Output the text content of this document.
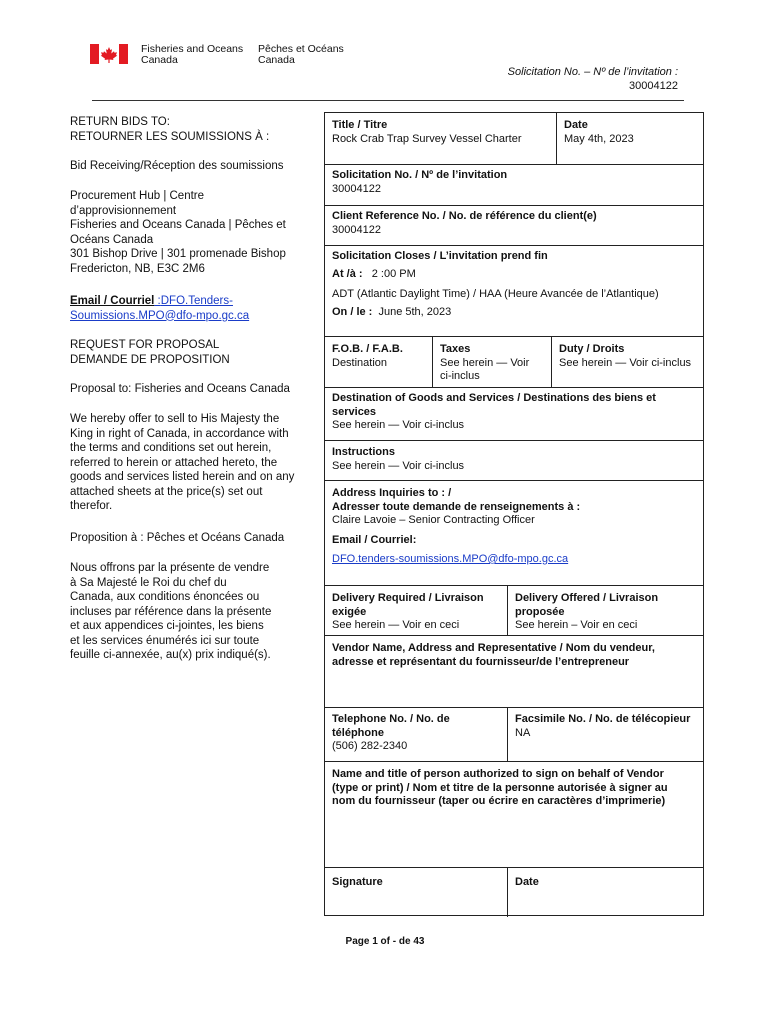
Fisheries and Oceans
Canada
Pêches et Océans
Canada
Solicitation No. – Nº de l’invitation :
30004122
RETURN BIDS TO:
RETOURNER LES SOUMISSIONS À :
Bid Receiving/Réception des soumissions
Procurement Hub | Centre
d’approvisionnement
Fisheries and Oceans Canada | Pêches et
Océans Canada
301 Bishop Drive | 301 promenade Bishop
Fredericton, NB, E3C 2M6
Email / Courriel :DFO.Tenders-
Soumissions.MPO@dfo-mpo.gc.ca
REQUEST FOR PROPOSAL
DEMANDE DE PROPOSITION
Proposal to: Fisheries and Oceans Canada
We hereby offer to sell to His Majesty the
King in right of Canada, in accordance with
the terms and conditions set out herein,
referred to herein or attached hereto, the
goods and services listed herein and on any
attached sheets at the price(s) set out
therefor.
Proposition à : Pêches et Océans Canada
Nous offrons par la présente de vendre
à Sa Majesté le Roi du chef du
Canada, aux conditions énoncées ou
incluses par référence dans la présente
et aux appendices ci-jointes, les biens
et les services énumérés ici sur toute
feuille ci-annexée, au(x) prix indiqué(s).
Title / Titre
Rock Crab Trap Survey Vessel Charter
Date
May 4th, 2023
Solicitation No. / Nº de l’invitation
30004122
Client Reference No. / No. de référence du client(e)
30004122
Solicitation Closes / L’invitation prend fin
At /à : 2 :00 PM
ADT (Atlantic Daylight Time) / HAA (Heure Avancée de l’Atlantique)
On / le : June 5th, 2023
F.O.B. / F.A.B.
Destination
Taxes
See herein — Voir
ci-inclus
Duty / Droits
See herein — Voir ci-inclus
Destination of Goods and Services / Destinations des biens et
services
See herein — Voir ci-inclus
Instructions
See herein — Voir ci-inclus
Address Inquiries to : /
Adresser toute demande de renseignements à :
Claire Lavoie – Senior Contracting Officer
Email / Courriel:
DFO.tenders-soumissions.MPO@dfo-mpo.gc.ca
Delivery Required / Livraison
exigée
See herein — Voir en ceci
Delivery Offered / Livraison
proposée
See herein – Voir en ceci
Vendor Name, Address and Representative / Nom du vendeur,
adresse et représentant du fournisseur/de l’entrepreneur
Telephone No. / No. de
téléphone
(506) 282-2340
Facsimile No. / No. de télécopieur
NA
Name and title of person authorized to sign on behalf of Vendor
(type or print) / Nom et titre de la personne autorisée à signer au
nom du fournisseur (taper ou écrire en caractères d’imprimerie)
Signature	Date
Page 1 of - de 43
